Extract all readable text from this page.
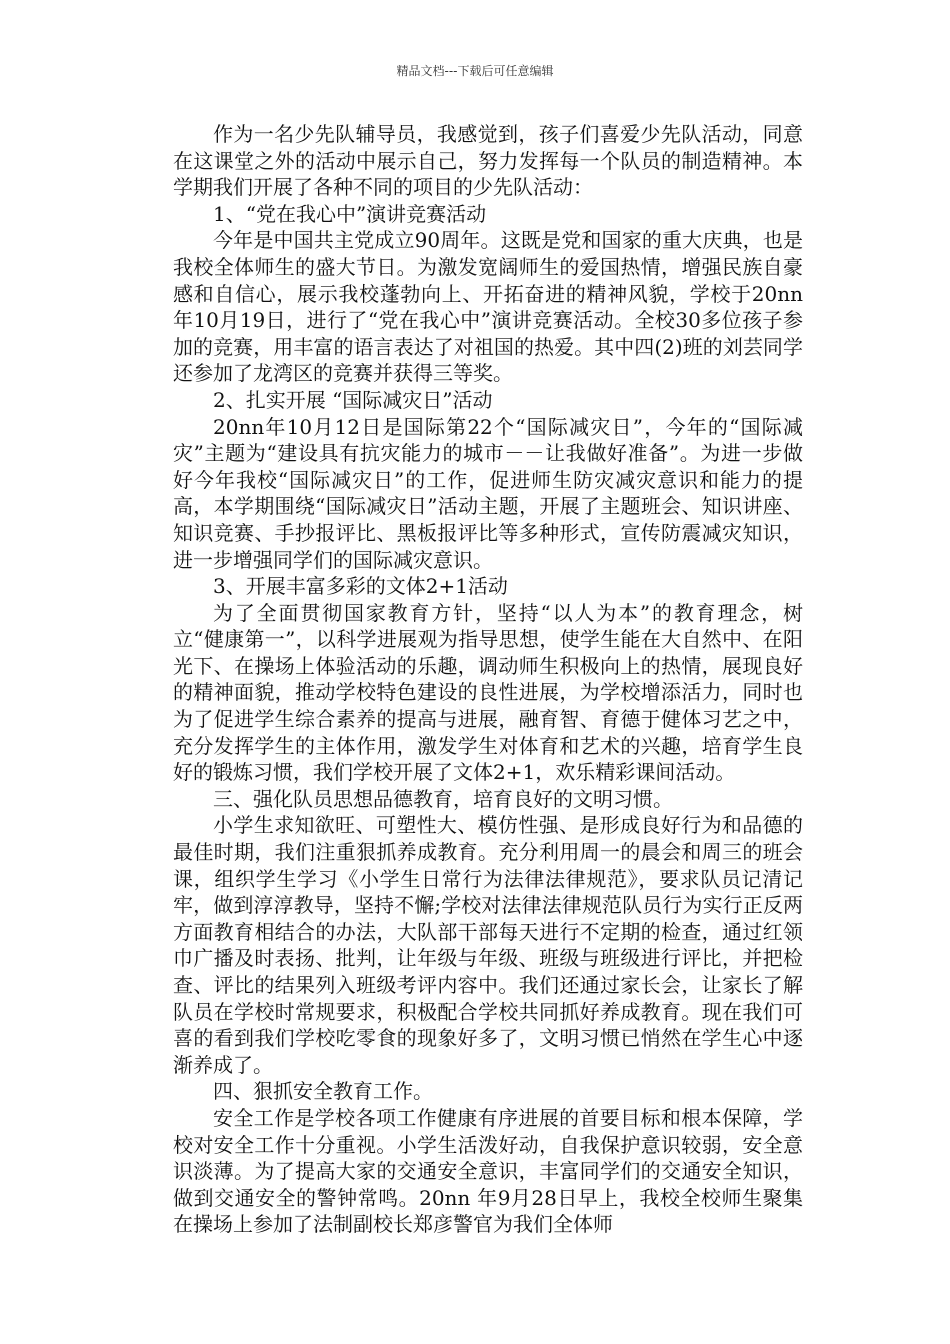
精品文档---下载后可任意编辑

作为一名少先队辅导员，我感觉到，孩子们喜爱少先队活动，同意在这课堂之外的活动中展示自己，努力发挥每一个队员的制造精神。本学期我们开展了各种不同的项目的少先队活动：

1、“党在我心中”演讲竞赛活动

今年是中国共主党成立90周年。这既是党和国家的重大庆典，也是我校全体师生的盛大节日。为激发宽阔师生的爱国热情，增强民族自豪感和自信心，展示我校蓬勃向上、开拓奋进的精神风貌，学校于20nn年10月19日，进行了“党在我心中”演讲竞赛活动。全校30多位孩子参加的竞赛，用丰富的语言表达了对祖国的热爱。其中四(2)班的刘芸同学还参加了龙湾区的竞赛并获得三等奖。

2、扎实开展 “国际减灾日”活动

20nn年10月12日是国际第22个“国际减灾日”，今年的“国际减灾”主题为“建设具有抗灾能力的城市－－让我做好准备”。为进一步做好今年我校“国际减灾日”的工作，促进师生防灾减灾意识和能力的提高，本学期围绕“国际减灾日”活动主题，开展了主题班会、知识讲座、知识竞赛、手抄报评比、黑板报评比等多种形式，宣传防震减灾知识，进一步增强同学们的国际减灾意识。

3、开展丰富多彩的文体2+1活动

为了全面贯彻国家教育方针，坚持“以人为本”的教育理念，树立“健康第一”，以科学进展观为指导思想，使学生能在大自然中、在阳光下、在操场上体验活动的乐趣，调动师生积极向上的热情，展现良好的精神面貌，推动学校特色建设的良性进展，为学校增添活力，同时也为了促进学生综合素养的提高与进展，融育智、育德于健体习艺之中，充分发挥学生的主体作用，激发学生对体育和艺术的兴趣，培育学生良好的锻炼习惯，我们学校开展了文体2+1，欢乐精彩课间活动。

三、强化队员思想品德教育，培育良好的文明习惯。

小学生求知欲旺、可塑性大、模仿性强、是形成良好行为和品德的最佳时期，我们注重狠抓养成教育。充分利用周一的晨会和周三的班会课，组织学生学习《小学生日常行为法律法律规范》，要求队员记清记牢，做到淳淳教导，坚持不懈;学校对法律法律规范队员行为实行正反两方面教育相结合的办法，大队部干部每天进行不定期的检查，通过红领巾广播及时表扬、批判，让年级与年级、班级与班级进行评比，并把检查、评比的结果列入班级考评内容中。我们还通过家长会，让家长了解队员在学校时常规要求，积极配合学校共同抓好养成教育。现在我们可喜的看到我们学校吃零食的现象好多了，文明习惯已悄然在学生心中逐渐养成了。

四、狠抓安全教育工作。

安全工作是学校各项工作健康有序进展的首要目标和根本保障，学校对安全工作十分重视。小学生活泼好动，自我保护意识较弱，安全意识淡薄。为了提高大家的交通安全意识，丰富同学们的交通安全知识，做到交通安全的警钟常鸣。20nn 年9月28日早上，我校全校师生聚集在操场上参加了法制副校长郑彦警官为我们全体师
